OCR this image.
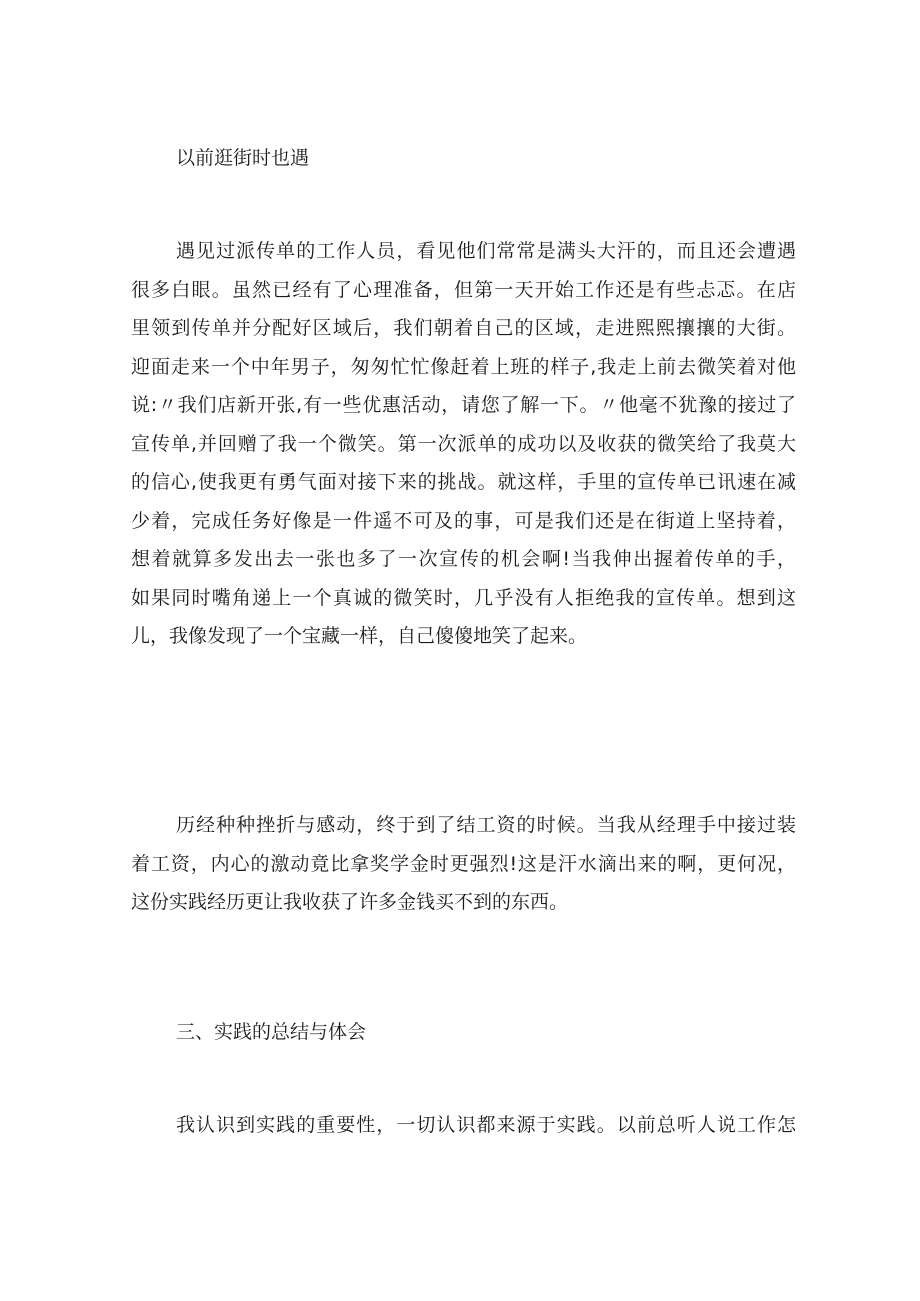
以前逛街时也遇
遇见过派传单的工作人员，看见他们常常是满头大汗的，而且还会遭遇
很多白眼。虽然已经有了心理准备，但第一天开始工作还是有些忐忑。在店
里领到传单并分配好区域后，我们朝着自己的区域，走进熙熙攘攘的大街。
迎面走来一个中年男子，匆匆忙忙像赶着上班的样子,我走上前去微笑着对他
说:〃我们店新开张,有一些优惠活动，请您了解一下。〃他毫不犹豫的接过了
宣传单,并回赠了我一个微笑。第一次派单的成功以及收获的微笑给了我莫大
的信心,使我更有勇气面对接下来的挑战。就这样，手里的宣传单已讯速在减
少着，完成任务好像是一件遥不可及的事，可是我们还是在街道上坚持着，
想着就算多发出去一张也多了一次宣传的机会啊!当我伸出握着传单的手，
如果同时嘴角递上一个真诚的微笑时，几乎没有人拒绝我的宣传单。想到这
儿，我像发现了一个宝藏一样，自己傻傻地笑了起来。
历经种种挫折与感动，终于到了结工资的时候。当我从经理手中接过装
着工资，内心的激动竟比拿奖学金时更强烈!这是汗水滴出来的啊，更何况，
这份实践经历更让我收获了许多金钱买不到的东西。
三、实践的总结与体会
我认识到实践的重要性，一切认识都来源于实践。以前总听人说工作怎
